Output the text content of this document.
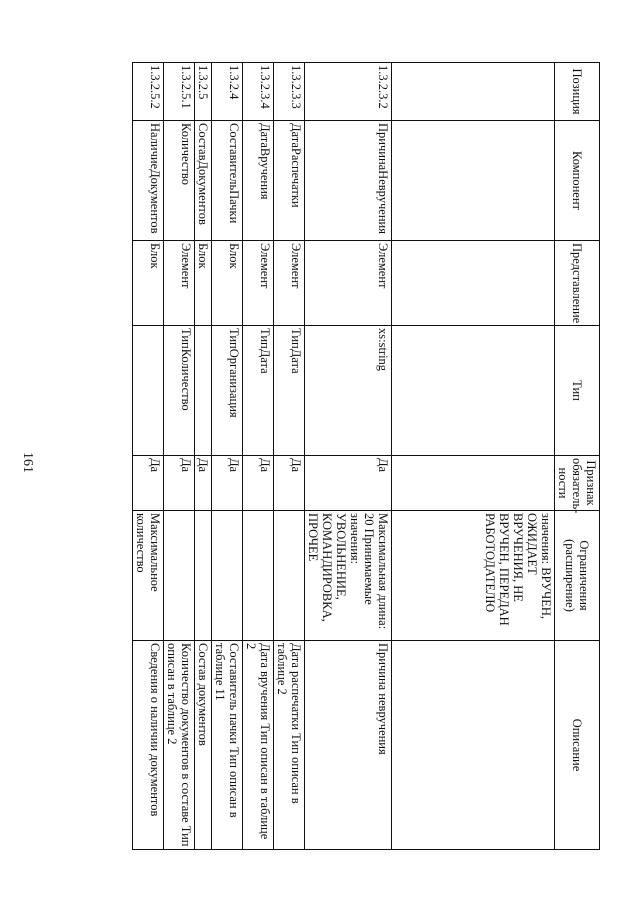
161
Позиция	Компонент	Представление	Тип	Признак обязатель-ности	Ограничения (расширение)	Описание
					значения: ВРУЧЕН, ОЖИДАЕТ ВРУЧЕНИЯ, НЕ ВРУЧЕН, ПЕРЕДАН РАБОТОДАТЕЛЮ	
1.3.2.3.2	ПричинаНевручения	Элемент	xs:string	Да	Максимальная длина: 20 Принимаемые значения: УВОЛЬНЕНИЕ, КОМАНДИРОВКА, ПРОЧЕЕ	Причина невручения
1.3.2.3.3	ДатаРаспечатки	Элемент	ТипДата	Да		Дата распечатки Тип описан в таблице 2
1.3.2.3.4	ДатаВручения	Элемент	ТипДата	Да		Дата вручения Тип описан в таблице 2
1.3.2.4	СоставительПачки	Блок	ТипОрганизация	Да		Составитель пачки Тип описан в таблице 11
1.3.2.5	СоставДокументов	Блок		Да		Состав документов
1.3.2.5.1	Количество	Элемент	ТипКоличество	Да		Количество документов в составе Тип описан в таблице 2
1.3.2.5.2	НаличиеДокументов	Блок		Да	Максимальное количество	Сведения о наличии документов
